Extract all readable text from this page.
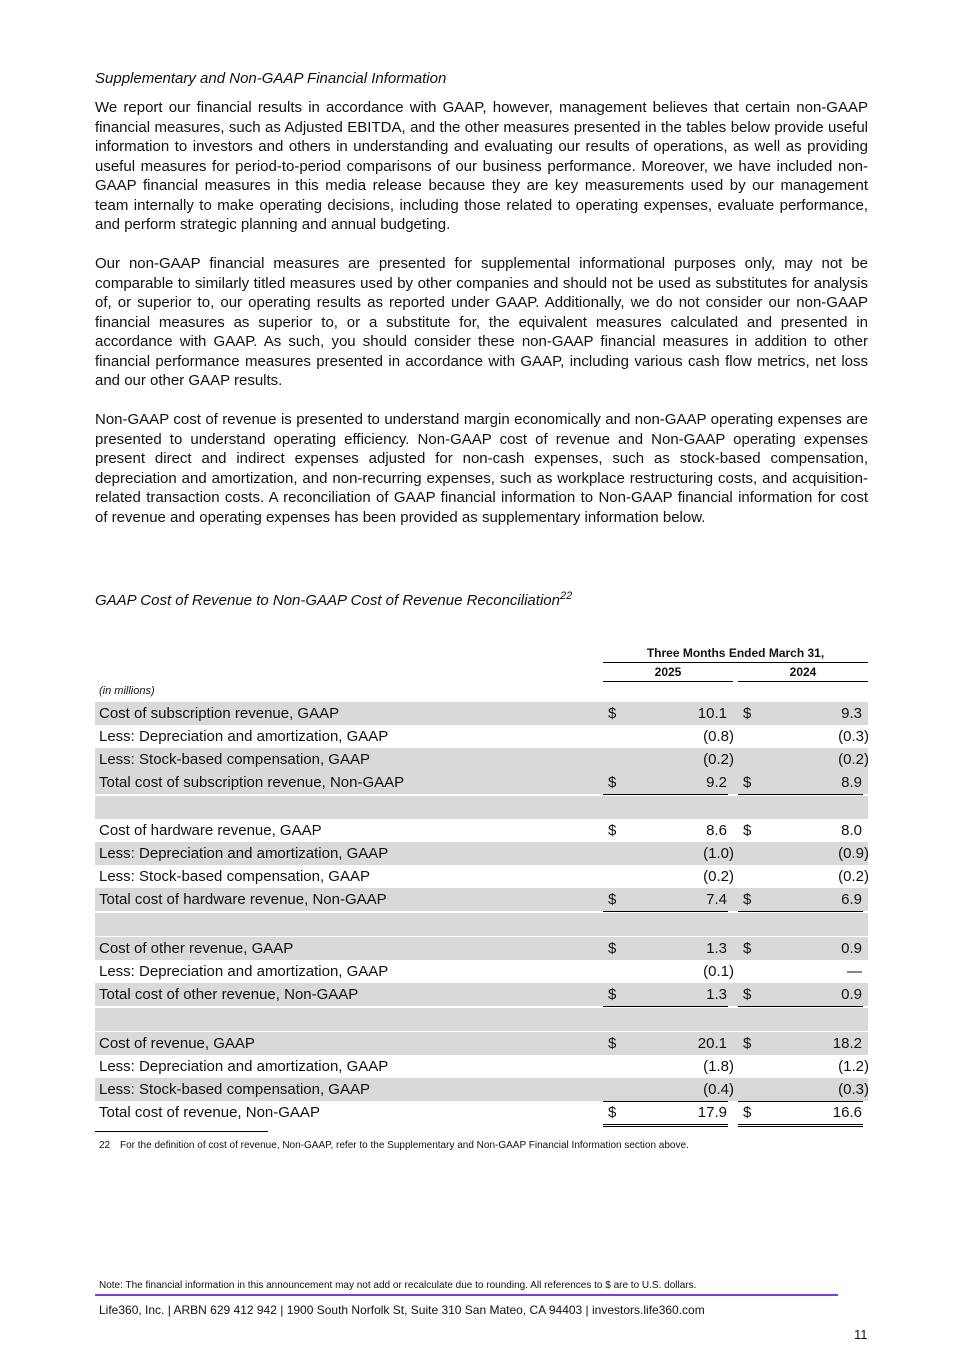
Supplementary and Non-GAAP Financial Information

We report our financial results in accordance with GAAP, however, management believes that certain non-GAAP financial measures, such as Adjusted EBITDA, and the other measures presented in the tables below provide useful information to investors and others in understanding and evaluating our results of operations, as well as providing useful measures for period-to-period comparisons of our business performance. Moreover, we have included non-GAAP financial measures in this media release because they are key measurements used by our management team internally to make operating decisions, including those related to operating expenses, evaluate performance, and perform strategic planning and annual budgeting.

Our non-GAAP financial measures are presented for supplemental informational purposes only, may not be comparable to similarly titled measures used by other companies and should not be used as substitutes for analysis of, or superior to, our operating results as reported under GAAP. Additionally, we do not consider our non-GAAP financial measures as superior to, or a substitute for, the equivalent measures calculated and presented in accordance with GAAP. As such, you should consider these non-GAAP financial measures in addition to other financial performance measures presented in accordance with GAAP, including various cash flow metrics, net loss and our other GAAP results.

Non-GAAP cost of revenue is presented to understand margin economically and non-GAAP operating expenses are presented to understand operating efficiency. Non-GAAP cost of revenue and Non-GAAP operating expenses present direct and indirect expenses adjusted for non-cash expenses, such as stock-based compensation, depreciation and amortization, and non-recurring expenses, such as workplace restructuring costs, and acquisition-related transaction costs. A reconciliation of GAAP financial information to Non-GAAP financial information for cost of revenue and operating expenses has been provided as supplementary information below.

GAAP Cost of Revenue to Non-GAAP Cost of Revenue Reconciliation$^{22}$

Three Months Ended March 31,
2025	2024
(in millions)
Cost of subscription revenue, GAAP	$	10.1 $	9.3
Less: Depreciation and amortization, GAAP	(0.8)	(0.3)
Less: Stock-based compensation, GAAP	(0.2)	(0.2)
Total cost of subscription revenue, Non-GAAP	$	9.2 $	8.9
Cost of hardware revenue, GAAP	$	8.6 $	8.0
Less: Depreciation and amortization, GAAP	(1.0)	(0.9)
Less: Stock-based compensation, GAAP	(0.2)	(0.2)
Total cost of hardware revenue, Non-GAAP	$	7.4 $	6.9
Cost of other revenue, GAAP	$	1.3 $	0.9
Less: Depreciation and amortization, GAAP	(0.1)	—
Total cost of other revenue, Non-GAAP	$	1.3 $	0.9
Cost of revenue, GAAP	$	20.1 $	18.2
Less: Depreciation and amortization, GAAP	(1.8)	(1.2)
Less: Stock-based compensation, GAAP	(0.4)	(0.3)
Total cost of revenue, Non-GAAP	$	17.9 $	16.6
22 For the definition of cost of revenue, Non-GAAP, refer to the Supplementary and Non-GAAP Financial Information section above.
Note: The financial information in this announcement may not add or recalculate due to rounding. All references to $ are to U.S. dollars.
Life360, Inc. | ARBN 629 412 942 | 1900 South Norfolk St, Suite 310 San Mateo, CA 94403 | investors.life360.com
11
